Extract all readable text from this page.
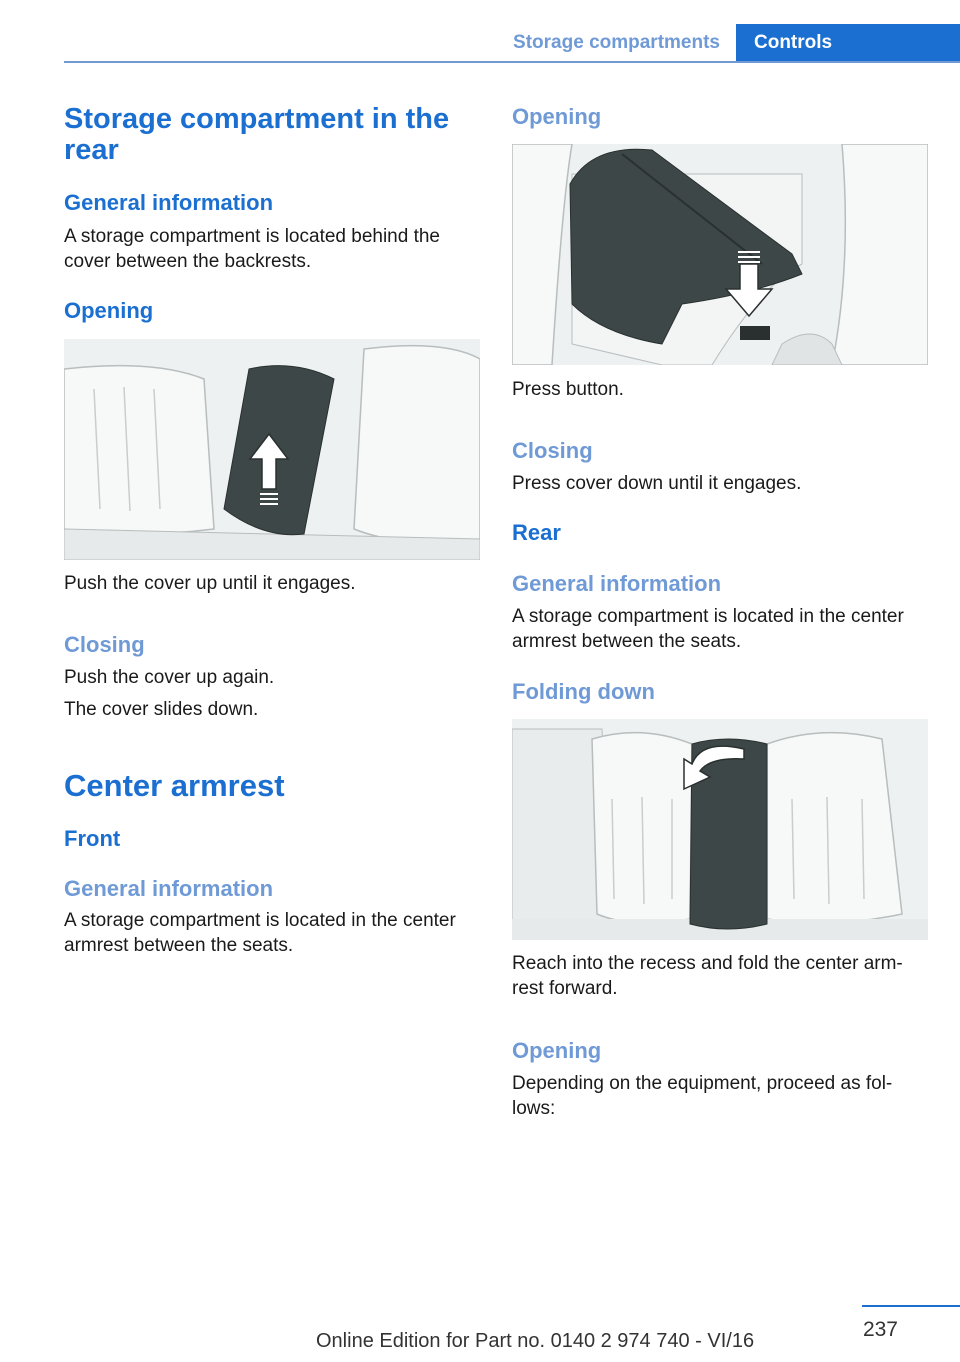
Storage compartments	Controls
Storage compartment in the rear
General information

A storage compartment is located behind the cover between the backrests.

Opening

Push the cover up until it engages.

Closing

Push the cover up again.

The cover slides down.

Center armrest
Front
General information

A storage compartment is located in the center armrest between the seats.

Opening

Press button.

Closing

Press cover down until it engages.

Rear
General information

A storage compartment is located in the center armrest between the seats.

Folding down

Reach into the recess and fold the center arm‐rest forward.

Opening

Depending on the equipment, proceed as fol‐lows:

237
Online Edition for Part no. 0140 2 974 740 - VI/16
